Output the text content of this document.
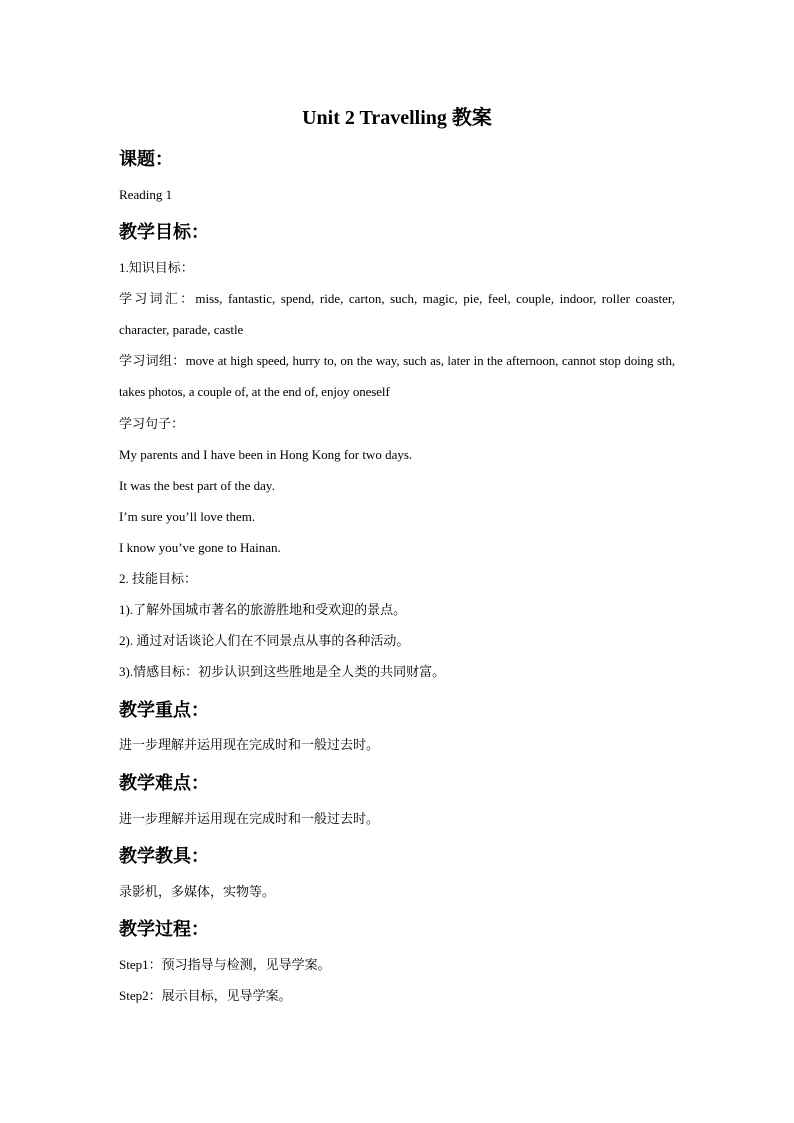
Unit 2 Travelling 教案
课题：
Reading 1
教学目标：
1.知识目标：
学习词汇：miss, fantastic, spend, ride, carton, such, magic, pie, feel, couple, indoor, roller coaster, character, parade, castle
学习词组：move at high speed, hurry to, on the way, such as, later in the afternoon, cannot stop doing sth, takes photos, a couple of, at the end of, enjoy oneself
学习句子：
My parents and I have been in Hong Kong for two days.
It was the best part of the day.
I’m sure you’ll love them.
I know you’ve gone to Hainan.
2. 技能目标：
1).了解外国城市著名的旅游胜地和受欢迎的景点。
2). 通过对话谈论人们在不同景点从事的各种活动。
3).情感目标：初步认识到这些胜地是全人类的共同财富。
教学重点：
进一步理解并运用现在完成时和一般过去时。
教学难点：
进一步理解并运用现在完成时和一般过去时。
教学教具：
录影机，多媒体，实物等。
教学过程：
Step1：预习指导与检测，见导学案。
Step2：展示目标，见导学案。
